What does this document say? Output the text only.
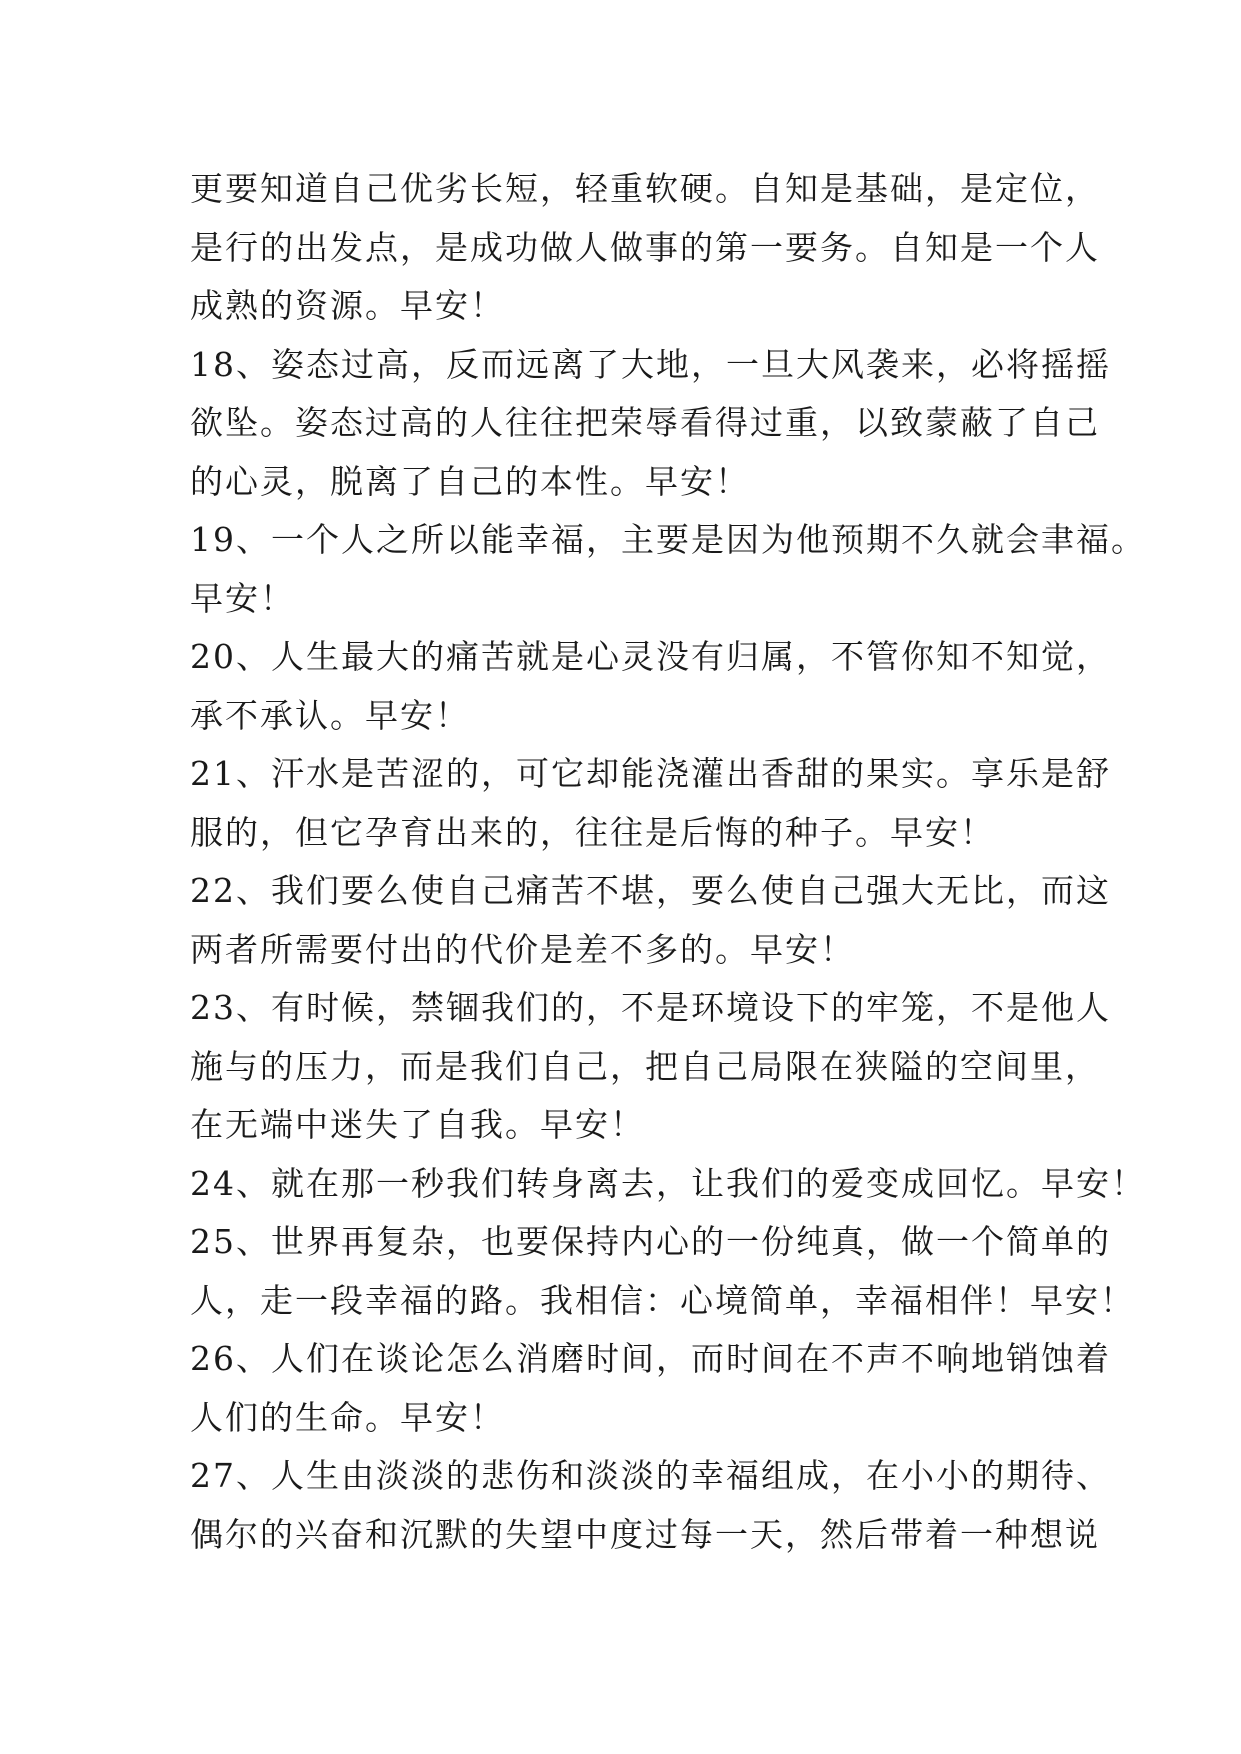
更要知道自己优劣长短，轻重软硬。自知是基础，是定位，
是行的出发点，是成功做人做事的第一要务。自知是一个人
成熟的资源。早安！
18、姿态过高，反而远离了大地，一旦大风袭来，必将摇摇
欲坠。姿态过高的人往往把荣辱看得过重，以致蒙蔽了自己
的心灵，脱离了自己的本性。早安！
19、一个人之所以能幸福，主要是因为他预期不久就会聿福。
早安！
20、人生最大的痛苦就是心灵没有归属，不管你知不知觉，
承不承认。早安！
21、汗水是苦涩的，可它却能浇灌出香甜的果实。享乐是舒
服的，但它孕育出来的，往往是后悔的种子。早安！
22、我们要么使自己痛苦不堪，要么使自己强大无比，而这
两者所需要付出的代价是差不多的。早安！
23、有时候，禁锢我们的，不是环境设下的牢笼，不是他人
施与的压力，而是我们自己，把自己局限在狭隘的空间里，
在无端中迷失了自我。早安！
24、就在那一秒我们转身离去，让我们的爱变成回忆。早安！
25、世界再复杂，也要保持内心的一份纯真，做一个简单的
人，走一段幸福的路。我相信：心境简单，幸福相伴！早安！
26、人们在谈论怎么消磨时间，而时间在不声不响地销蚀着
人们的生命。早安！
27、人生由淡淡的悲伤和淡淡的幸福组成，在小小的期待、
偶尔的兴奋和沉默的失望中度过每一天，然后带着一种想说
